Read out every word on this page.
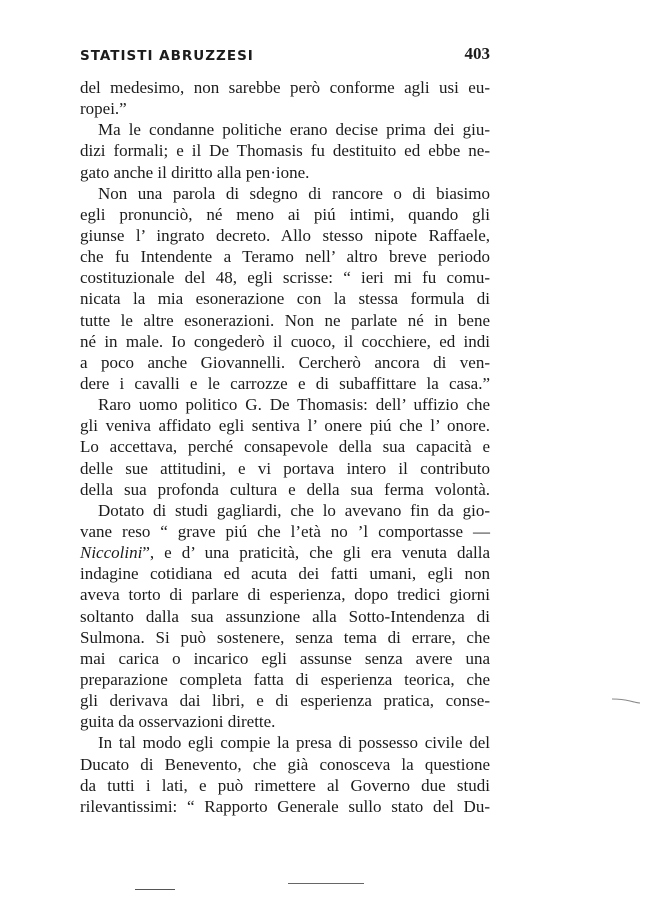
STATISTI ABRUZZESI	403
del medesimo, non sarebbe però conforme agli usi eu-
ropei.”
Ma le condanne politiche erano decise prima dei giu-
dizi formali; e il De Thomasis fu destituito ed ebbe ne-
gato anche il diritto alla pen·ione.
Non una parola di sdegno di rancore o di biasimo
egli pronunciò, né meno ai piú intimi, quando gli
giunse l’ ingrato decreto. Allo stesso nipote Raffaele,
che fu Intendente a Teramo nell’ altro breve periodo
costituzionale del 48, egli scrisse: “ ieri mi fu comu-
nicata la mia esonerazione con la stessa formula di
tutte le altre esonerazioni. Non ne parlate né in bene
né in male. Io congederò il cuoco, il cocchiere, ed indi
a poco anche Giovannelli. Cercherò ancora di ven-
dere i cavalli e le carrozze e di subaffittare la casa.”
Raro uomo politico G. De Thomasis: dell’ uffizio che
gli veniva affidato egli sentiva l’ onere piú che l’ onore.
Lo accettava, perché consapevole della sua capacità e
delle sue attitudini, e vi portava intero il contributo
della sua profonda cultura e della sua ferma volontà.
Dotato di studi gagliardi, che lo avevano fin da gio-
vane reso “ grave piú che l’età no ’l comportasse —
Niccolini”, e d’ una praticità, che gli era venuta dalla
indagine cotidiana ed acuta dei fatti umani, egli non
aveva torto di parlare di esperienza, dopo tredici giorni
soltanto dalla sua assunzione alla Sotto-Intendenza di
Sulmona. Si può sostenere, senza tema di errare, che
mai carica o incarico egli assunse senza avere una
preparazione completa fatta di esperienza teorica, che
gli derivava dai libri, e di esperienza pratica, conse-
guita da osservazioni dirette.
In tal modo egli compie la presa di possesso civile del
Ducato di Benevento, che già conosceva la questione
da tutti i lati, e può rimettere al Governo due studi
rilevantissimi: “ Rapporto Generale sullo stato del Du-
